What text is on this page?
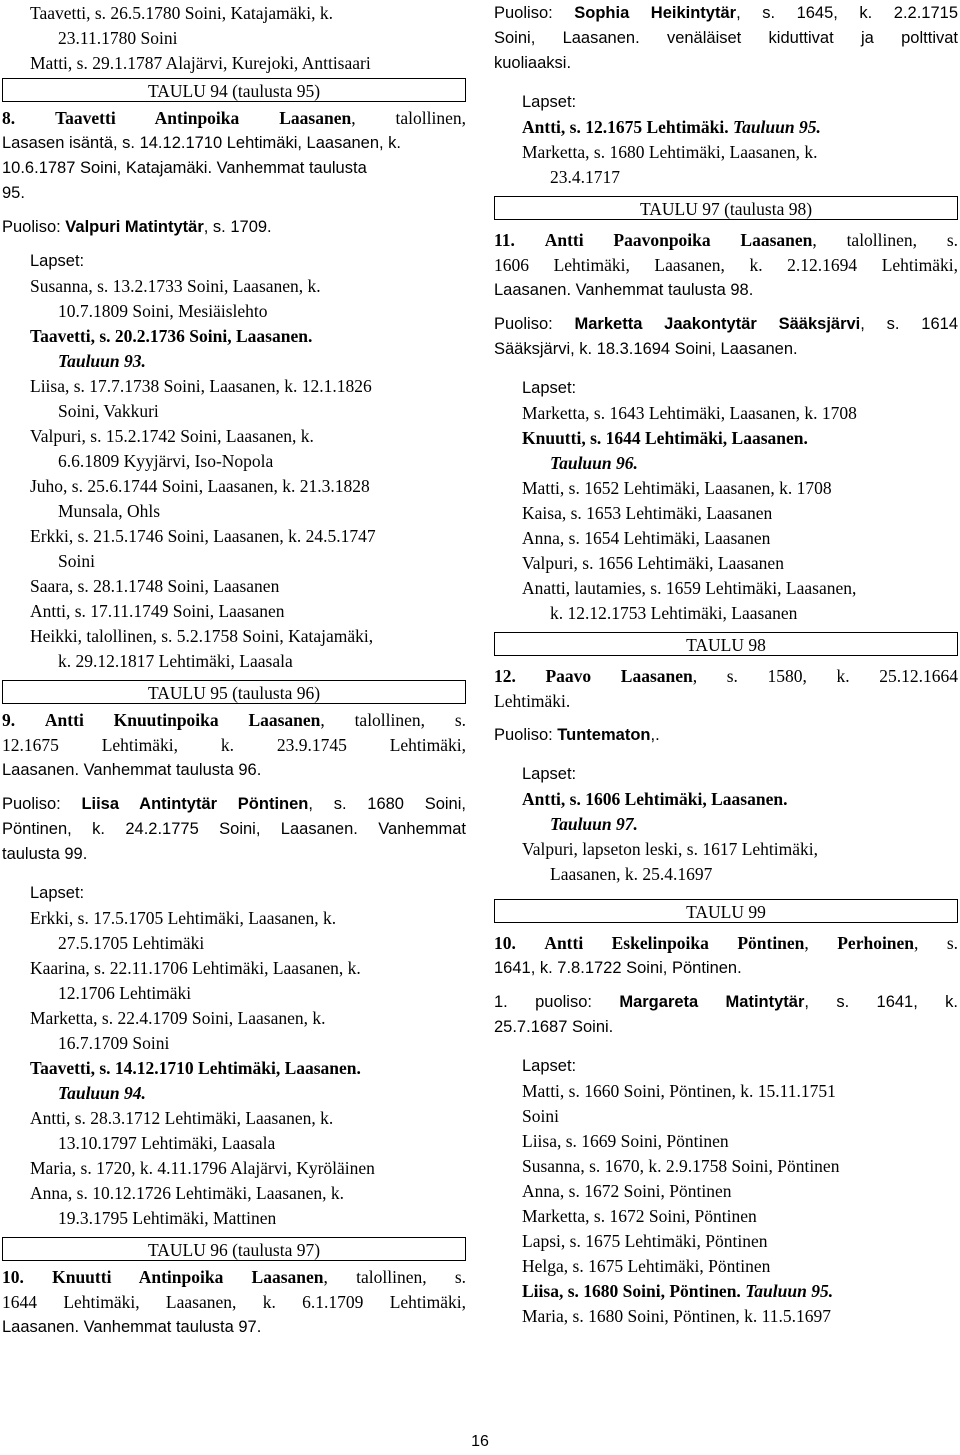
Taavetti, s. 26.5.1780 Soini, Katajamäki, k.
23.11.1780 Soini
Matti, s. 29.1.1787 Alajärvi, Kurejoki, Anttisaari
TAULU 94 (taulusta 95)
8. Taavetti Antinpoika Laasanen, talollinen,
Lasasen isäntä, s. 14.12.1710 Lehtimäki, Laasanen, k.
10.6.1787 Soini, Katajamäki. Vanhemmat taulusta
95.
Puoliso: Valpuri Matintytär, s. 1709.
Lapset:
Susanna, s. 13.2.1733 Soini, Laasanen, k.
10.7.1809 Soini, Mesiäislehto
Taavetti, s. 20.2.1736 Soini, Laasanen.
Tauluun 93.
Liisa, s. 17.7.1738 Soini, Laasanen, k. 12.1.1826
Soini, Vakkuri
Valpuri, s. 15.2.1742 Soini, Laasanen, k.
6.6.1809 Kyyjärvi, Iso-Nopola
Juho, s. 25.6.1744 Soini, Laasanen, k. 21.3.1828
Munsala, Ohls
Erkki, s. 21.5.1746 Soini, Laasanen, k. 24.5.1747
Soini
Saara, s. 28.1.1748 Soini, Laasanen
Antti, s. 17.11.1749 Soini, Laasanen
Heikki, talollinen, s. 5.2.1758 Soini, Katajamäki,
k. 29.12.1817 Lehtimäki, Laasala
TAULU 95 (taulusta 96)
9. Antti Knuutinpoika Laasanen, talollinen, s.
12.1675 Lehtimäki, k. 23.9.1745 Lehtimäki,
Laasanen. Vanhemmat taulusta 96.
Puoliso: Liisa Antintytär Pöntinen, s. 1680 Soini,
Pöntinen, k. 24.2.1775 Soini, Laasanen. Vanhemmat
taulusta 99.
Lapset:
Erkki, s. 17.5.1705 Lehtimäki, Laasanen, k.
27.5.1705 Lehtimäki
Kaarina, s. 22.11.1706 Lehtimäki, Laasanen, k.
12.1706 Lehtimäki
Marketta, s. 22.4.1709 Soini, Laasanen, k.
16.7.1709 Soini
Taavetti, s. 14.12.1710 Lehtimäki, Laasanen.
Tauluun 94.
Antti, s. 28.3.1712 Lehtimäki, Laasanen, k.
13.10.1797 Lehtimäki, Laasala
Maria, s. 1720, k. 4.11.1796 Alajärvi, Kyröläinen
Anna, s. 10.12.1726 Lehtimäki, Laasanen, k.
19.3.1795 Lehtimäki, Mattinen
TAULU 96 (taulusta 97)
10. Knuutti Antinpoika Laasanen, talollinen, s.
1644 Lehtimäki, Laasanen, k. 6.1.1709 Lehtimäki,
Laasanen. Vanhemmat taulusta 97.
Puoliso: Sophia Heikintytär, s. 1645, k. 2.2.1715
Soini, Laasanen. venäläiset kiduttivat ja polttivat
kuoliaaksi.
Lapset:
Antti, s. 12.1675 Lehtimäki. Tauluun 95.
Marketta, s. 1680 Lehtimäki, Laasanen, k.
23.4.1717
TAULU 97 (taulusta 98)
11. Antti Paavonpoika Laasanen, talollinen, s.
1606 Lehtimäki, Laasanen, k. 2.12.1694 Lehtimäki,
Laasanen. Vanhemmat taulusta 98.
Puoliso: Marketta Jaakontytär Sääksjärvi, s. 1614
Sääksjärvi, k. 18.3.1694 Soini, Laasanen.
Lapset:
Marketta, s. 1643 Lehtimäki, Laasanen, k. 1708
Knuutti, s. 1644 Lehtimäki, Laasanen.
Tauluun 96.
Matti, s. 1652 Lehtimäki, Laasanen, k. 1708
Kaisa, s. 1653 Lehtimäki, Laasanen
Anna, s. 1654 Lehtimäki, Laasanen
Valpuri, s. 1656 Lehtimäki, Laasanen
Anatti, lautamies, s. 1659 Lehtimäki, Laasanen,
k. 12.12.1753 Lehtimäki, Laasanen
TAULU 98
12. Paavo Laasanen, s. 1580, k. 25.12.1664
Lehtimäki.
Puoliso: Tuntematon,.
Lapset:
Antti, s. 1606 Lehtimäki, Laasanen.
Tauluun 97.
Valpuri, lapseton leski, s. 1617 Lehtimäki,
Laasanen, k. 25.4.1697
TAULU 99
10. Antti Eskelinpoika Pöntinen, Perhoinen, s.
1641, k. 7.8.1722 Soini, Pöntinen.
1. puoliso: Margareta Matintytär, s. 1641, k.
25.7.1687 Soini.
Lapset:
Matti, s. 1660 Soini, Pöntinen, k. 15.11.1751
Soini
Liisa, s. 1669 Soini, Pöntinen
Susanna, s. 1670, k. 2.9.1758 Soini, Pöntinen
Anna, s. 1672 Soini, Pöntinen
Marketta, s. 1672 Soini, Pöntinen
Lapsi, s. 1675 Lehtimäki, Pöntinen
Helga, s. 1675 Lehtimäki, Pöntinen
Liisa, s. 1680 Soini, Pöntinen. Tauluun 95.
Maria, s. 1680 Soini, Pöntinen, k. 11.5.1697
16
